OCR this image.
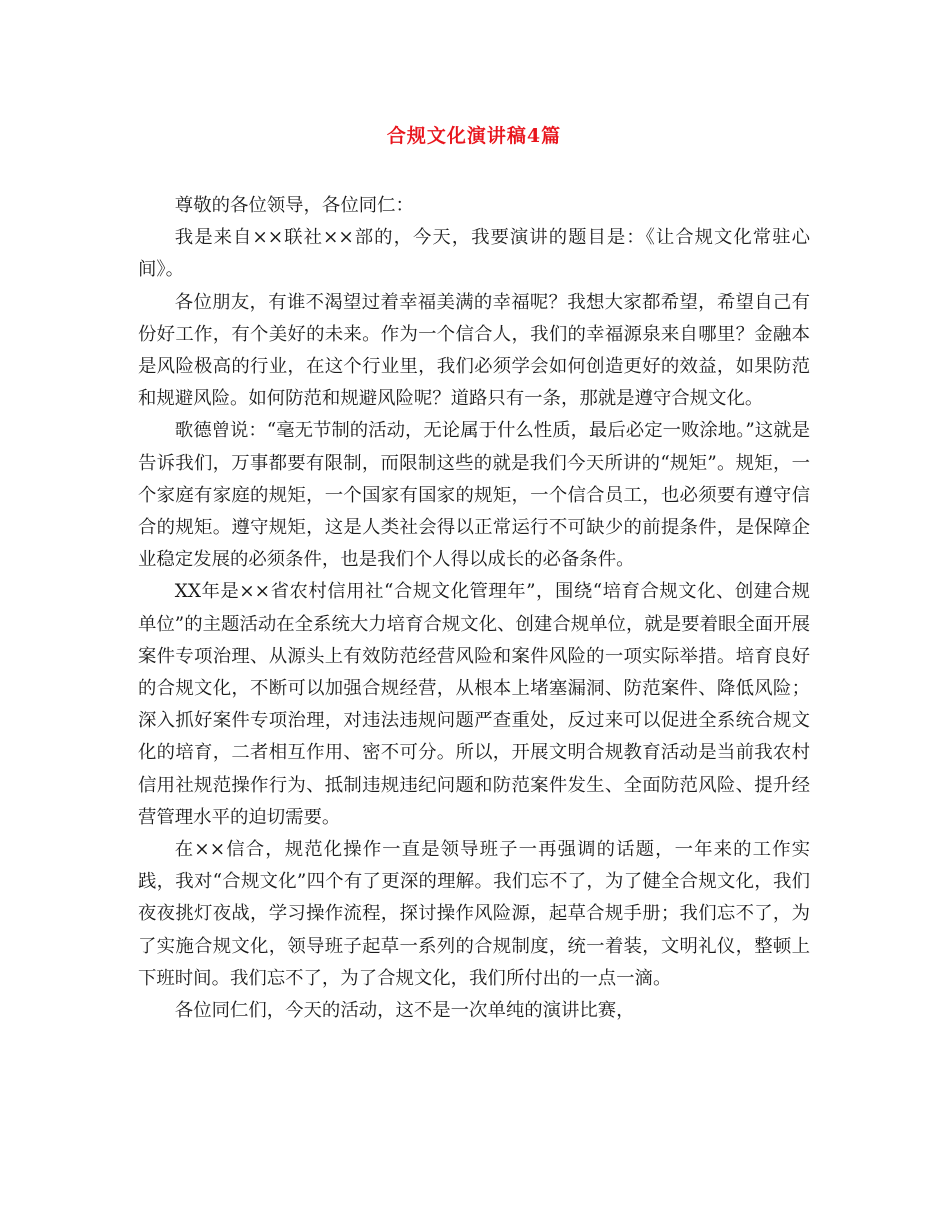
合规文化演讲稿4篇

尊敬的各位领导，各位同仁：

我是来自××联社××部的，今天，我要演讲的题目是：《让合规文化常驻心间》。

各位朋友，有谁不渴望过着幸福美满的幸福呢？我想大家都希望，希望自己有份好工作，有个美好的未来。作为一个信合人，我们的幸福源泉来自哪里？金融本是风险极高的行业，在这个行业里，我们必须学会如何创造更好的效益，如果防范和规避风险。如何防范和规避风险呢？道路只有一条，那就是遵守合规文化。

歌德曾说：“毫无节制的活动，无论属于什么性质，最后必定一败涂地。”这就是告诉我们，万事都要有限制，而限制这些的就是我们今天所讲的“规矩”。规矩，一个家庭有家庭的规矩，一个国家有国家的规矩，一个信合员工，也必须要有遵守信合的规矩。遵守规矩，这是人类社会得以正常运行不可缺少的前提条件，是保障企业稳定发展的必须条件，也是我们个人得以成长的必备条件。

XX年是××省农村信用社“合规文化管理年”，围绕“培育合规文化、创建合规单位”的主题活动在全系统大力培育合规文化、创建合规单位，就是要着眼全面开展案件专项治理、从源头上有效防范经营风险和案件风险的一项实际举措。培育良好的合规文化，不断可以加强合规经营，从根本上堵塞漏洞、防范案件、降低风险；深入抓好案件专项治理，对违法违规问题严查重处，反过来可以促进全系统合规文化的培育，二者相互作用、密不可分。所以，开展文明合规教育活动是当前我农村信用社规范操作行为、抵制违规违纪问题和防范案件发生、全面防范风险、提升经营管理水平的迫切需要。

在××信合，规范化操作一直是领导班子一再强调的话题，一年来的工作实践，我对“合规文化”四个有了更深的理解。我们忘不了，为了健全合规文化，我们夜夜挑灯夜战，学习操作流程，探讨操作风险源，起草合规手册；我们忘不了，为了实施合规文化，领导班子起草一系列的合规制度，统一着装，文明礼仪，整顿上下班时间。我们忘不了，为了合规文化，我们所付出的一点一滴。

各位同仁们，今天的活动，这不是一次单纯的演讲比赛，
